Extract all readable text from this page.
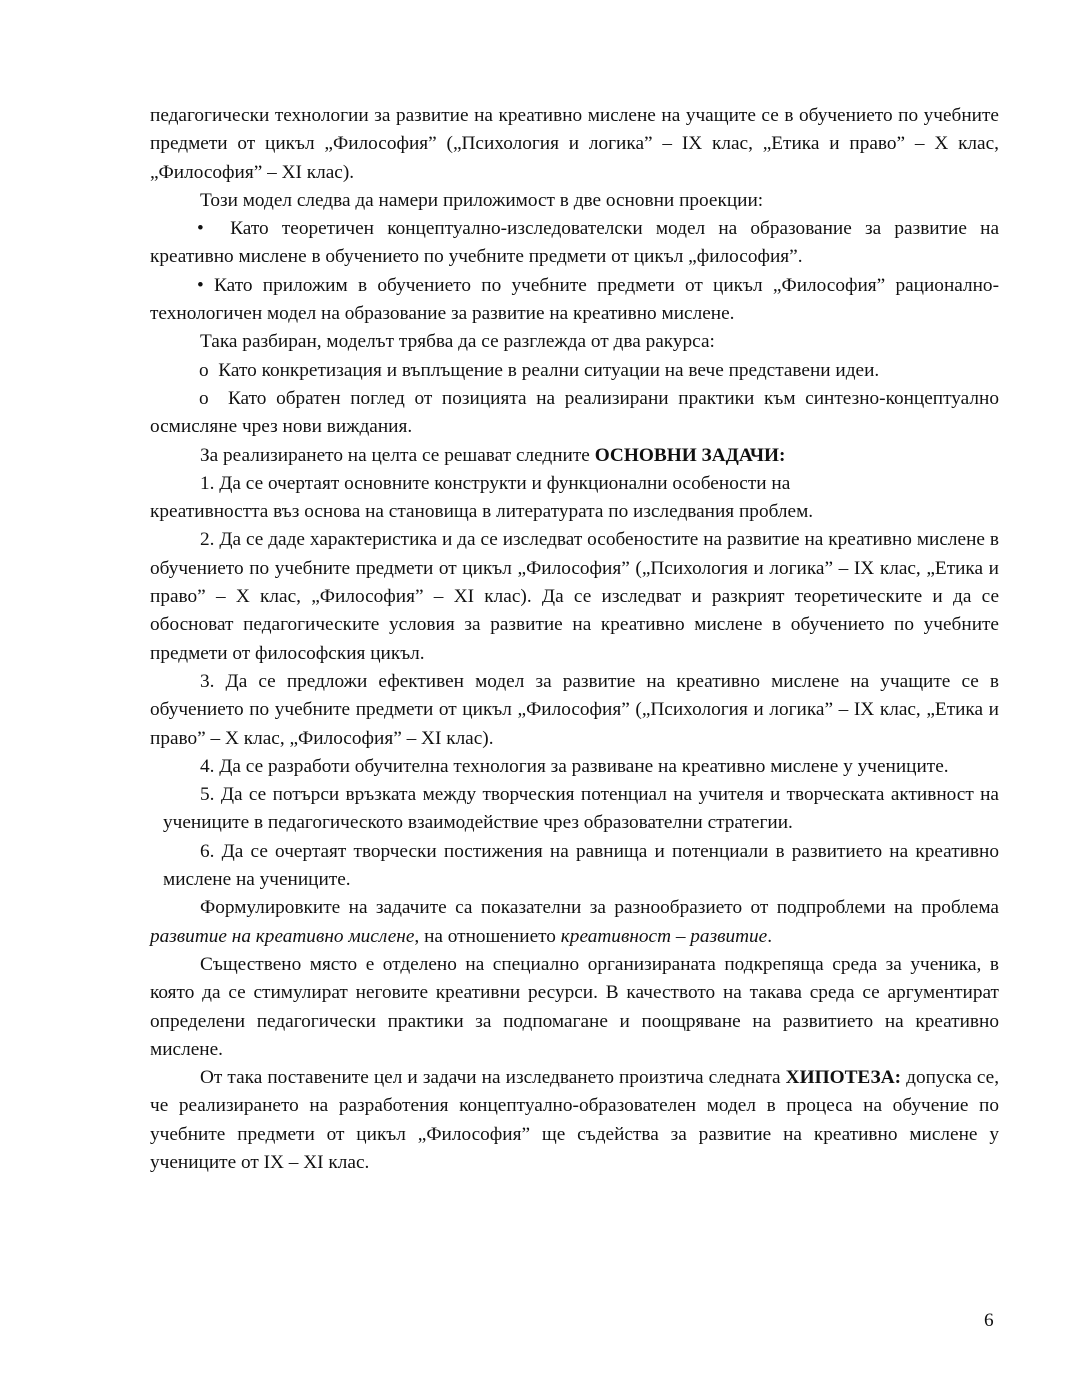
педагогически технологии за развитие на креативно мислене на учащите се в обучението по учебните предмети от цикъл „Философия” („Психология и логика” – IX клас, „Етика и право” – X клас, „Философия” – XI клас).

Този модел следва да намери приложимост в две основни проекции:

• Като теоретичен концептуално-изследователски модел на образование за развитие на креативно мислене в обучението по учебните предмети от цикъл „философия”.

• Като приложим в обучението по учебните предмети от цикъл „Философия” рационално-технологичен модел на образование за развитие на креативно мислене.

Така разбиран, моделът трябва да се разглежда от два ракурса:

o Като конкретизация и въплъщение в реални ситуации на вече представени идеи.

o Като обратен поглед от позицията на реализирани практики към синтезно-концептуално осмисляне чрез нови виждания.

За реализирането на целта се решават следните ОСНОВНИ ЗАДАЧИ:

1. Да се очертаят основните конструкти и функционални особености на

креативността въз основа на становища в литературата по изследвания проблем.

2. Да се даде характеристика и да се изследват особеностите на развитие на креативно мислене в обучението по учебните предмети от цикъл „Философия” („Психология и логика” – IX клас, „Етика и право” – X клас, „Философия” – XI клас). Да се изследват и разкрият теоретическите и да се обосноват педагогическите условия за развитие на креативно мислене в обучението по учебните предмети от философския цикъл.

3. Да се предложи ефективен модел за развитие на креативно мислене на учащите се в обучението по учебните предмети от цикъл „Философия” („Психология и логика” – IX клас, „Етика и право” – X клас, „Философия” – XI клас).

4. Да се разработи обучителна технология за развиване на креативно мислене у учениците.

5. Да се потърси връзката между творческия потенциал на учителя и творческата активност на учениците в педагогическото взаимодействие чрез образователни стратегии.

6. Да се очертаят творчески постижения на равнища и потенциали в развитието на креативно мислене на учениците.

Формулировките на задачите са показателни за разнообразието от подпроблеми на проблема развитие на креативно мислене, на отношението креативност – развитие.

Съществено място е отделено на специално организираната подкрепяща среда за ученика, в която да се стимулират неговите креативни ресурси. В качеството на такава среда се аргументират определени педагогически практики за подпомагане и поощряване на развитието на креативно мислене.

От така поставените цел и задачи на изследването произтича следната ХИПОТЕЗА: допуска се, че реализирането на разработения концептуално-образователен модел в процеса на обучение по учебните предмети от цикъл „Философия” ще съдейства за развитие на креативно мислене у учениците от IX – XI клас.

6
